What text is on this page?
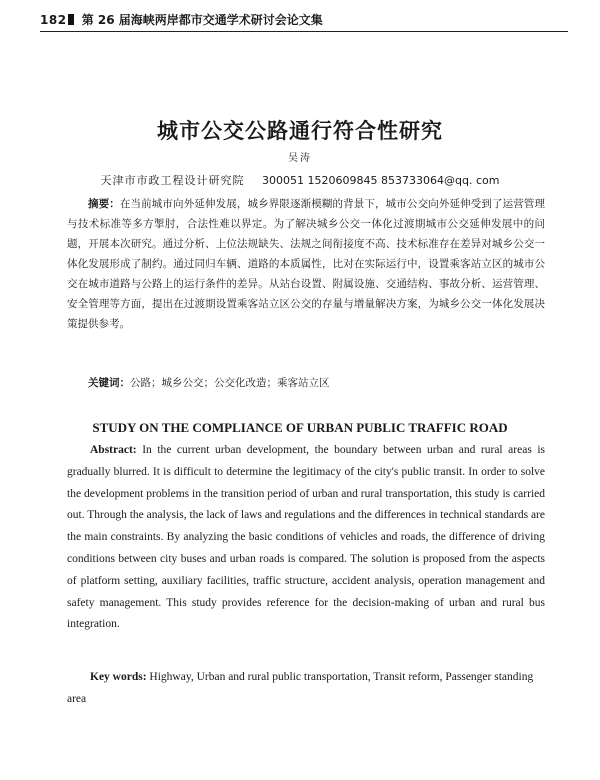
182 第 26 届海峡两岸都市交通学术研讨会论文集
城市公交公路通行符合性研究
吴涛
天津市市政工程设计研究院 300051 1520609845 853733064@qq. com
摘要：在当前城市向外延伸发展，城乡界限逐渐模糊的背景下，城市公交向外延伸受到了运营管理与技术标准等多方掣肘，合法性难以界定。为了解决城乡公交一体化过渡期城市公交延伸发展中的问题，开展本次研究。通过分析、上位法规缺失、法规之间衔接度不高、技术标准存在差异对城乡公交一体化发展形成了制约。通过同归车辆、道路的本质属性，比对在实际运行中，设置乘客站立区的城市公交在城市道路与公路上的运行条件的差异。从站台设置、附属设施、交通结构、事故分析、运营管理、安全管理等方面，提出在过渡期设置乘客站立区公交的存量与增量解决方案，为城乡公交一体化发展决策提供参考。
关键词：公路；城乡公交；公交化改造；乘客站立区
STUDY ON THE COMPLIANCE OF URBAN PUBLIC TRAFFIC ROAD
Abstract: In the current urban development, the boundary between urban and rural areas is gradually blurred. It is difficult to determine the legitimacy of the city's public transit. In order to solve the development problems in the transition period of urban and rural transportation, this study is carried out. Through the analysis, the lack of laws and regulations and the differences in technical standards are the main constraints. By analyzing the basic conditions of vehicles and roads, the difference of driving conditions between city buses and urban roads is compared. The solution is proposed from the aspects of platform setting, auxiliary facilities, traffic structure, accident analysis, operation management and safety management. This study provides reference for the decision-making of urban and rural bus integration.
Key words: Highway, Urban and rural public transportation, Transit reform, Passenger standing area
